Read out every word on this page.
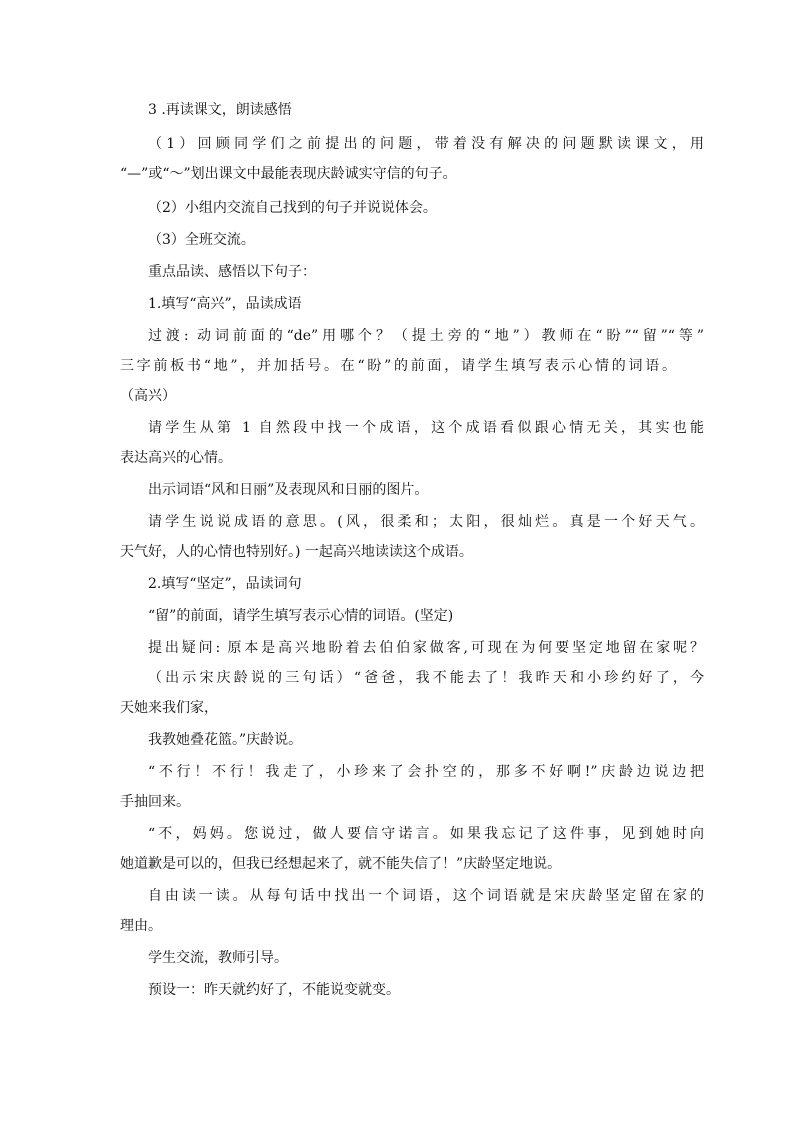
3 .再读课文，朗读感悟
（1）回顾同学们之前提出的问题，带着没有解决的问题默读课文，用
“—”或“～”划出课文中最能表现庆龄诚实守信的句子。
（2）小组内交流自己找到的句子并说说体会。
（3）全班交流。
重点品读、感悟以下句子：
1.填写“高兴”，品读成语
过渡: 动词前面的“de”用哪个？（提土旁的“地”）教师在“盼”“留”“等”
三字前板书“地”，并加括号。在“盼”的前面，请学生填写表示心情的词语。
（高兴）
请学生从第 1 自然段中找一个成语，这个成语看似跟心情无关，其实也能
表达高兴的心情。
出示词语“风和日丽”及表现风和日丽的图片。
请学生说说成语的意思。(风，很柔和；太阳，很灿烂。真是一个好天气。
天气好，人的心情也特别好。) 一起高兴地读读这个成语。
2.填写“坚定”，品读词句
“留”的前面，请学生填写表示心情的词语。(坚定)
提出疑问: 原本是高兴地盼着去伯伯家做客,可现在为何要坚定地留在家呢？
（出示宋庆龄说的三句话）“爸爸，我不能去了！我昨天和小珍约好了，今
天她来我们家，
我教她叠花篮。”庆龄说。
“不行！不行！我走了，小珍来了会扑空的，那多不好啊!”庆龄边说边把
手抽回来。
“不，妈妈。您说过，做人要信守诺言。如果我忘记了这件事，见到她时向
她道歉是可以的，但我已经想起来了，就不能失信了！”庆龄坚定地说。
自由读一读。从每句话中找出一个词语，这个词语就是宋庆龄坚定留在家的
理由。
学生交流，教师引导。
预设一：昨天就约好了，不能说变就变。
